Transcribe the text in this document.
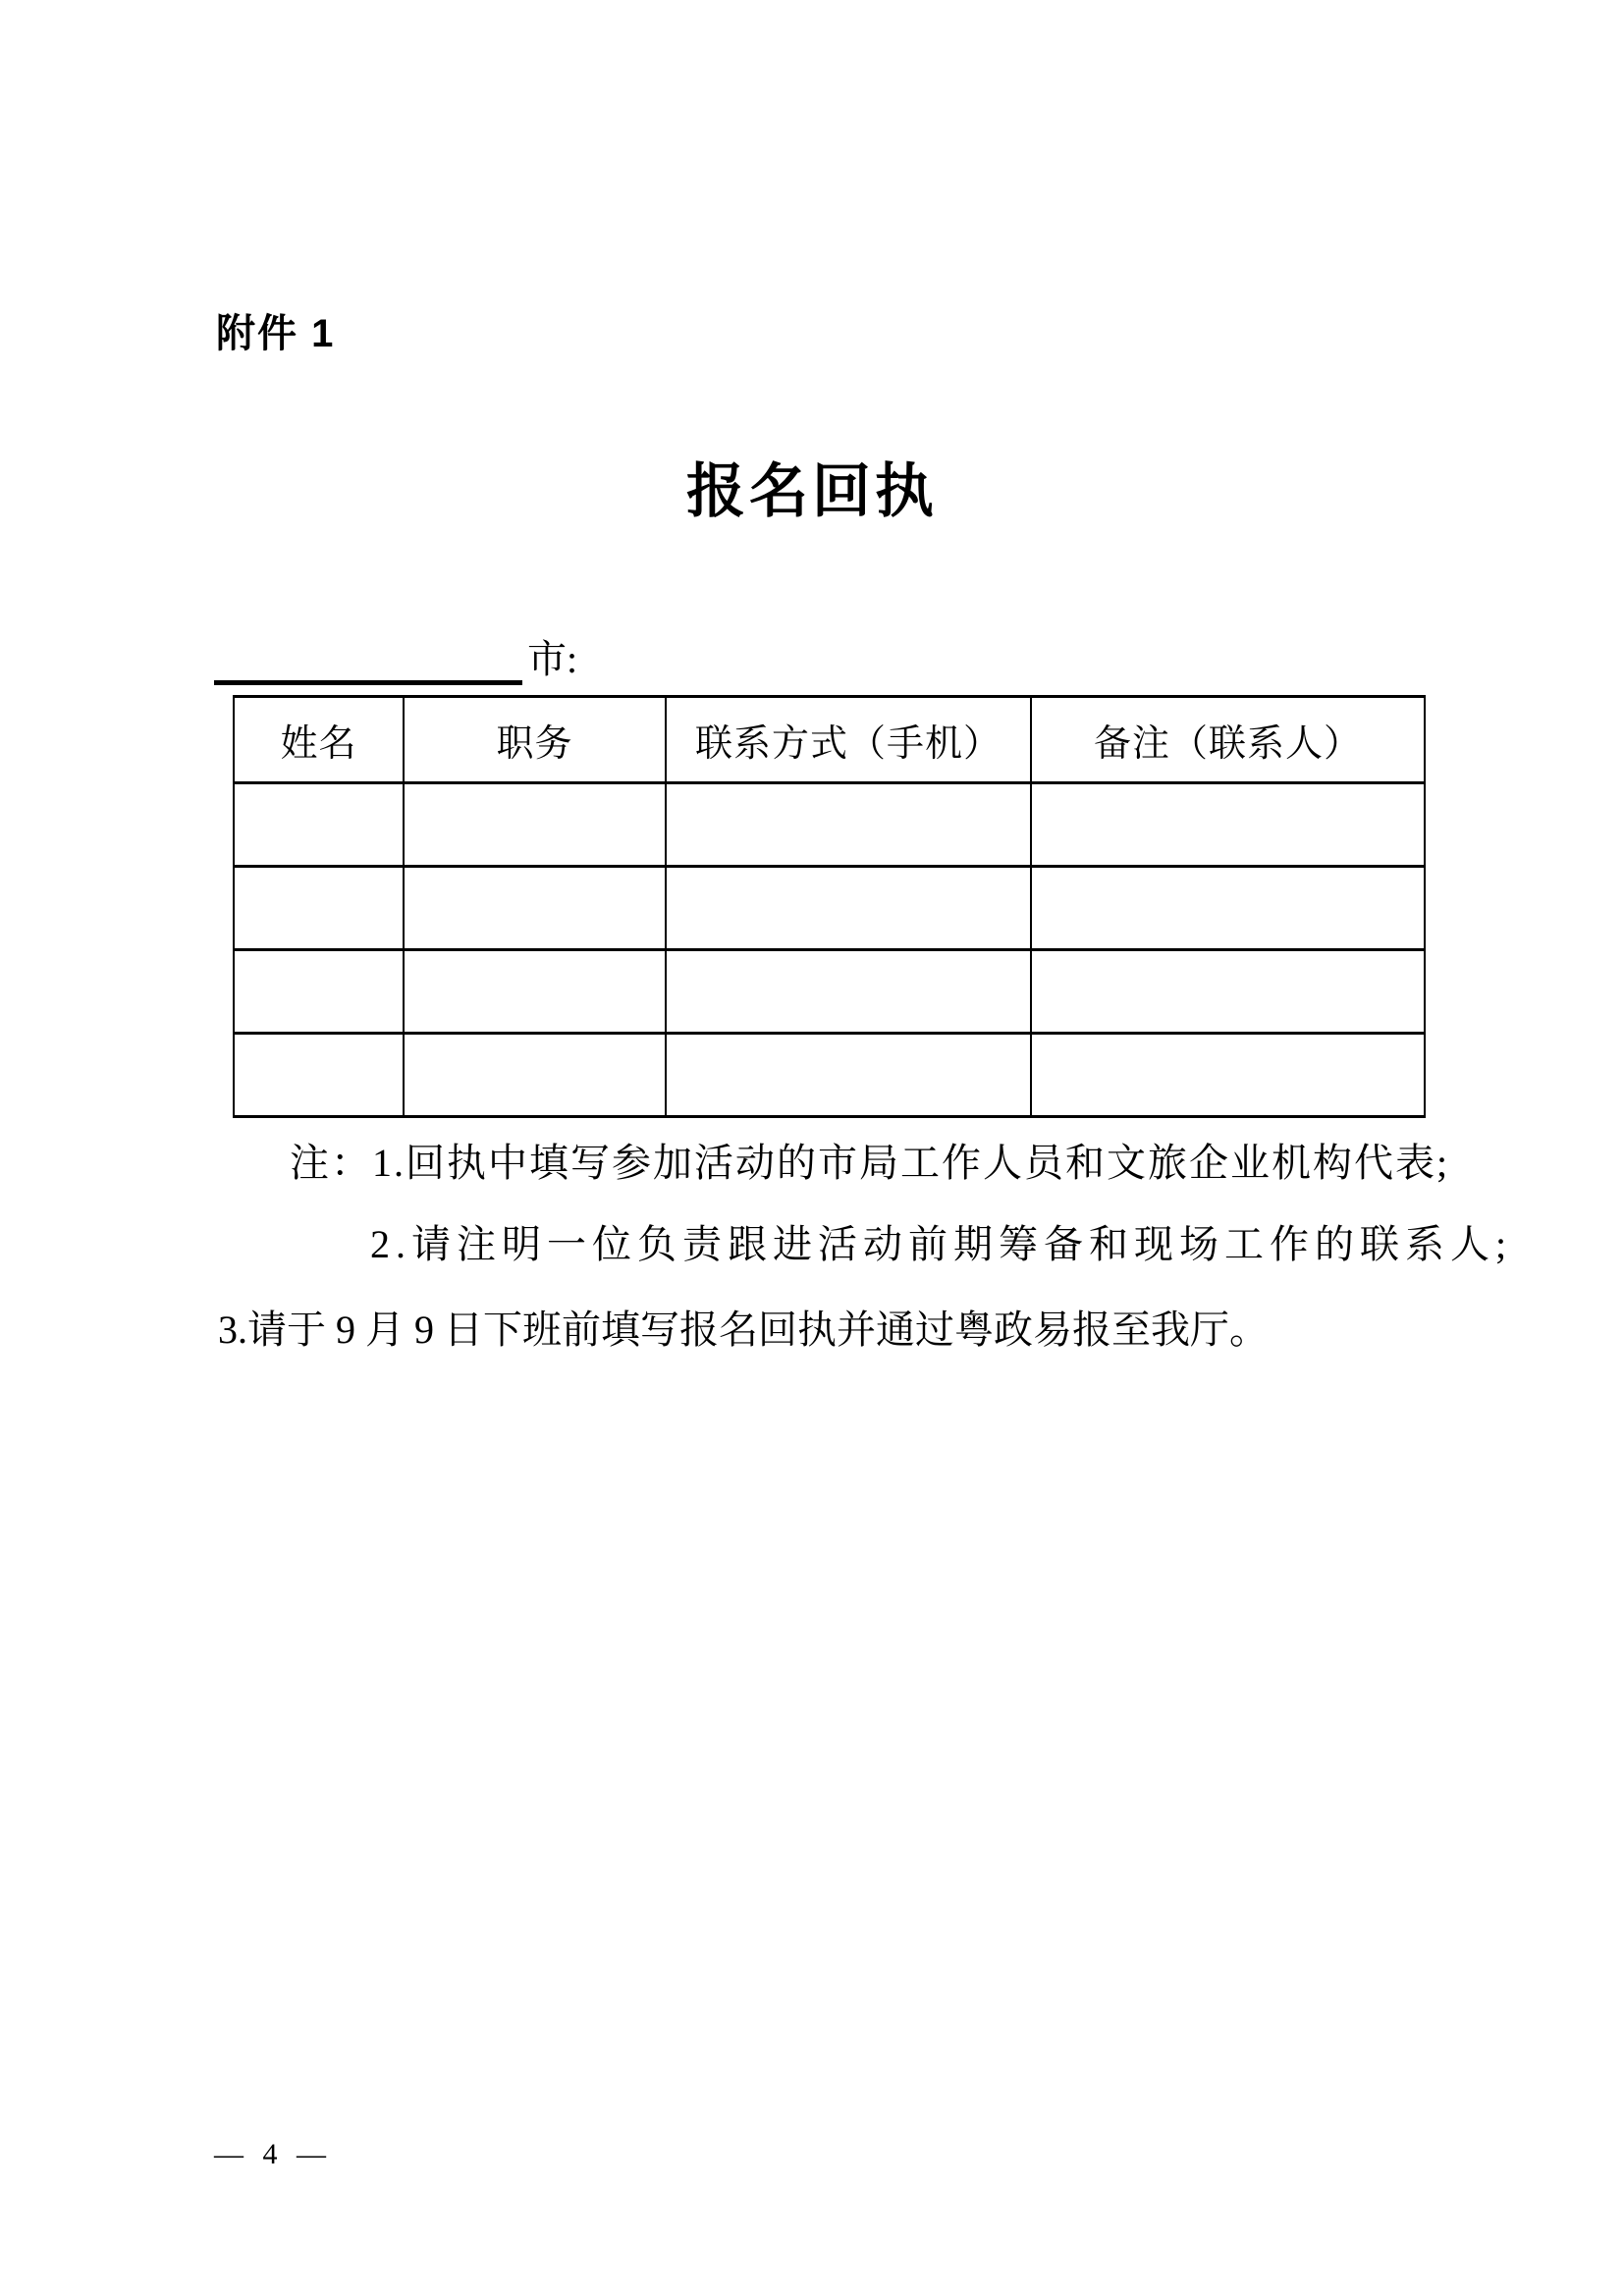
附件 1
报名回执
市:
姓名	职务	联系方式（手机）	备注（联系人）

注：1.回执中填写参加活动的市局工作人员和文旅企业机构代表;
2.请注明一位负责跟进活动前期筹备和现场工作的联系人;
3.请于 9 月 9 日下班前填写报名回执并通过粤政易报至我厅。
— 4 —
